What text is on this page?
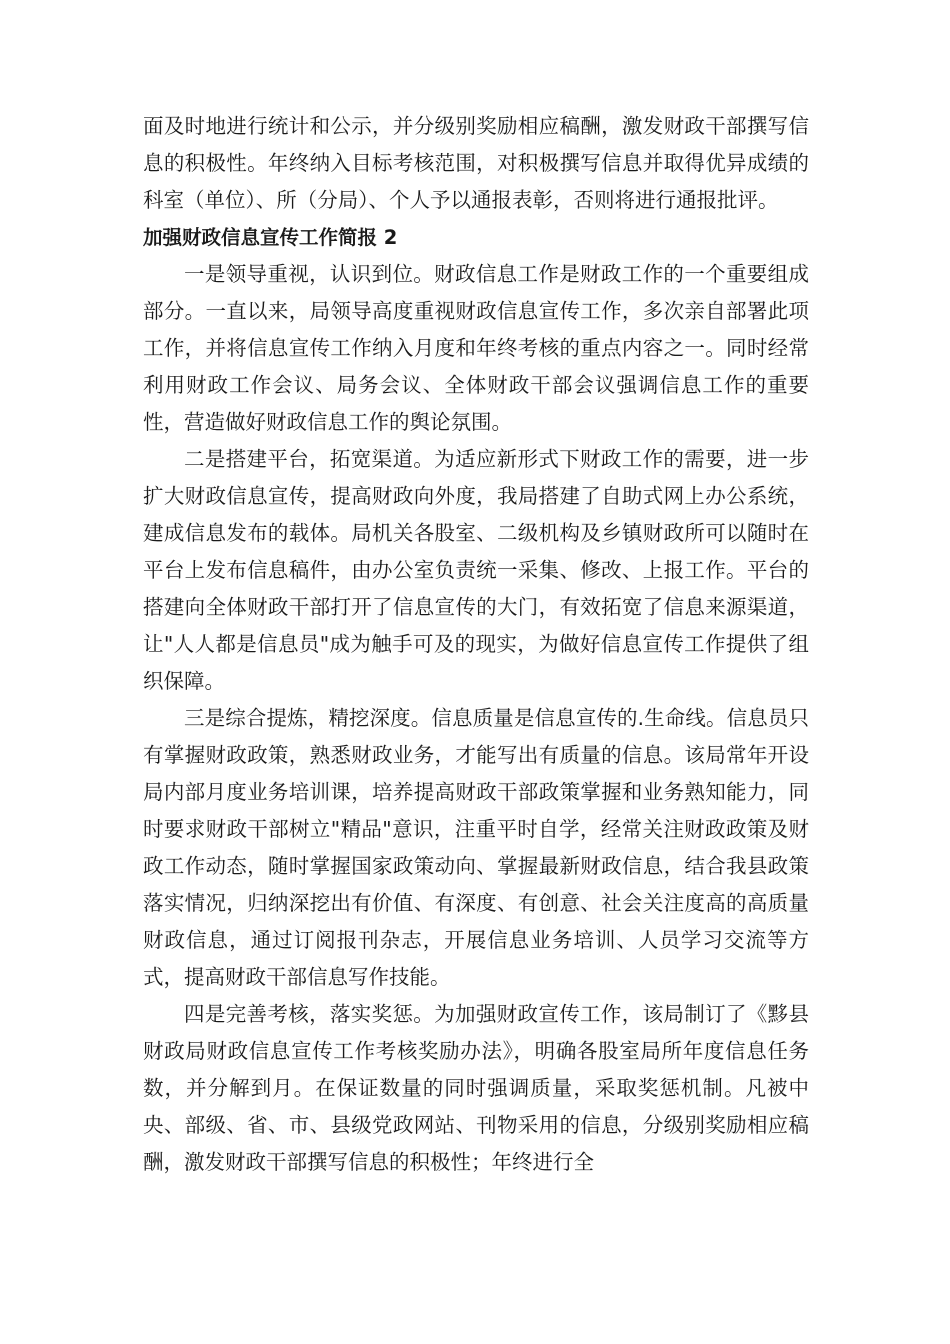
面及时地进行统计和公示，并分级别奖励相应稿酬，激发财政干部撰写信息的积极性。年终纳入目标考核范围，对积极撰写信息并取得优异成绩的科室（单位）、所（分局）、个人予以通报表彰，否则将进行通报批评。

加强财政信息宣传工作简报 2

一是领导重视，认识到位。财政信息工作是财政工作的一个重要组成部分。一直以来，局领导高度重视财政信息宣传工作，多次亲自部署此项工作，并将信息宣传工作纳入月度和年终考核的重点内容之一。同时经常利用财政工作会议、局务会议、全体财政干部会议强调信息工作的重要性，营造做好财政信息工作的舆论氛围。

二是搭建平台，拓宽渠道。为适应新形式下财政工作的需要，进一步扩大财政信息宣传，提高财政向外度，我局搭建了自助式网上办公系统，建成信息发布的载体。局机关各股室、二级机构及乡镇财政所可以随时在平台上发布信息稿件，由办公室负责统一采集、修改、上报工作。平台的搭建向全体财政干部打开了信息宣传的大门，有效拓宽了信息来源渠道，让"人人都是信息员"成为触手可及的现实，为做好信息宣传工作提供了组织保障。

三是综合提炼，精挖深度。信息质量是信息宣传的.生命线。信息员只有掌握财政政策，熟悉财政业务，才能写出有质量的信息。该局常年开设局内部月度业务培训课，培养提高财政干部政策掌握和业务熟知能力，同时要求财政干部树立"精品"意识，注重平时自学，经常关注财政政策及财政工作动态，随时掌握国家政策动向、掌握最新财政信息，结合我县政策落实情况，归纳深挖出有价值、有深度、有创意、社会关注度高的高质量财政信息，通过订阅报刊杂志，开展信息业务培训、人员学习交流等方式，提高财政干部信息写作技能。

四是完善考核，落实奖惩。为加强财政宣传工作，该局制订了《黟县财政局财政信息宣传工作考核奖励办法》，明确各股室局所年度信息任务数，并分解到月。在保证数量的同时强调质量，采取奖惩机制。凡被中央、部级、省、市、县级党政网站、刊物采用的信息，分级别奖励相应稿酬，激发财政干部撰写信息的积极性；年终进行全
